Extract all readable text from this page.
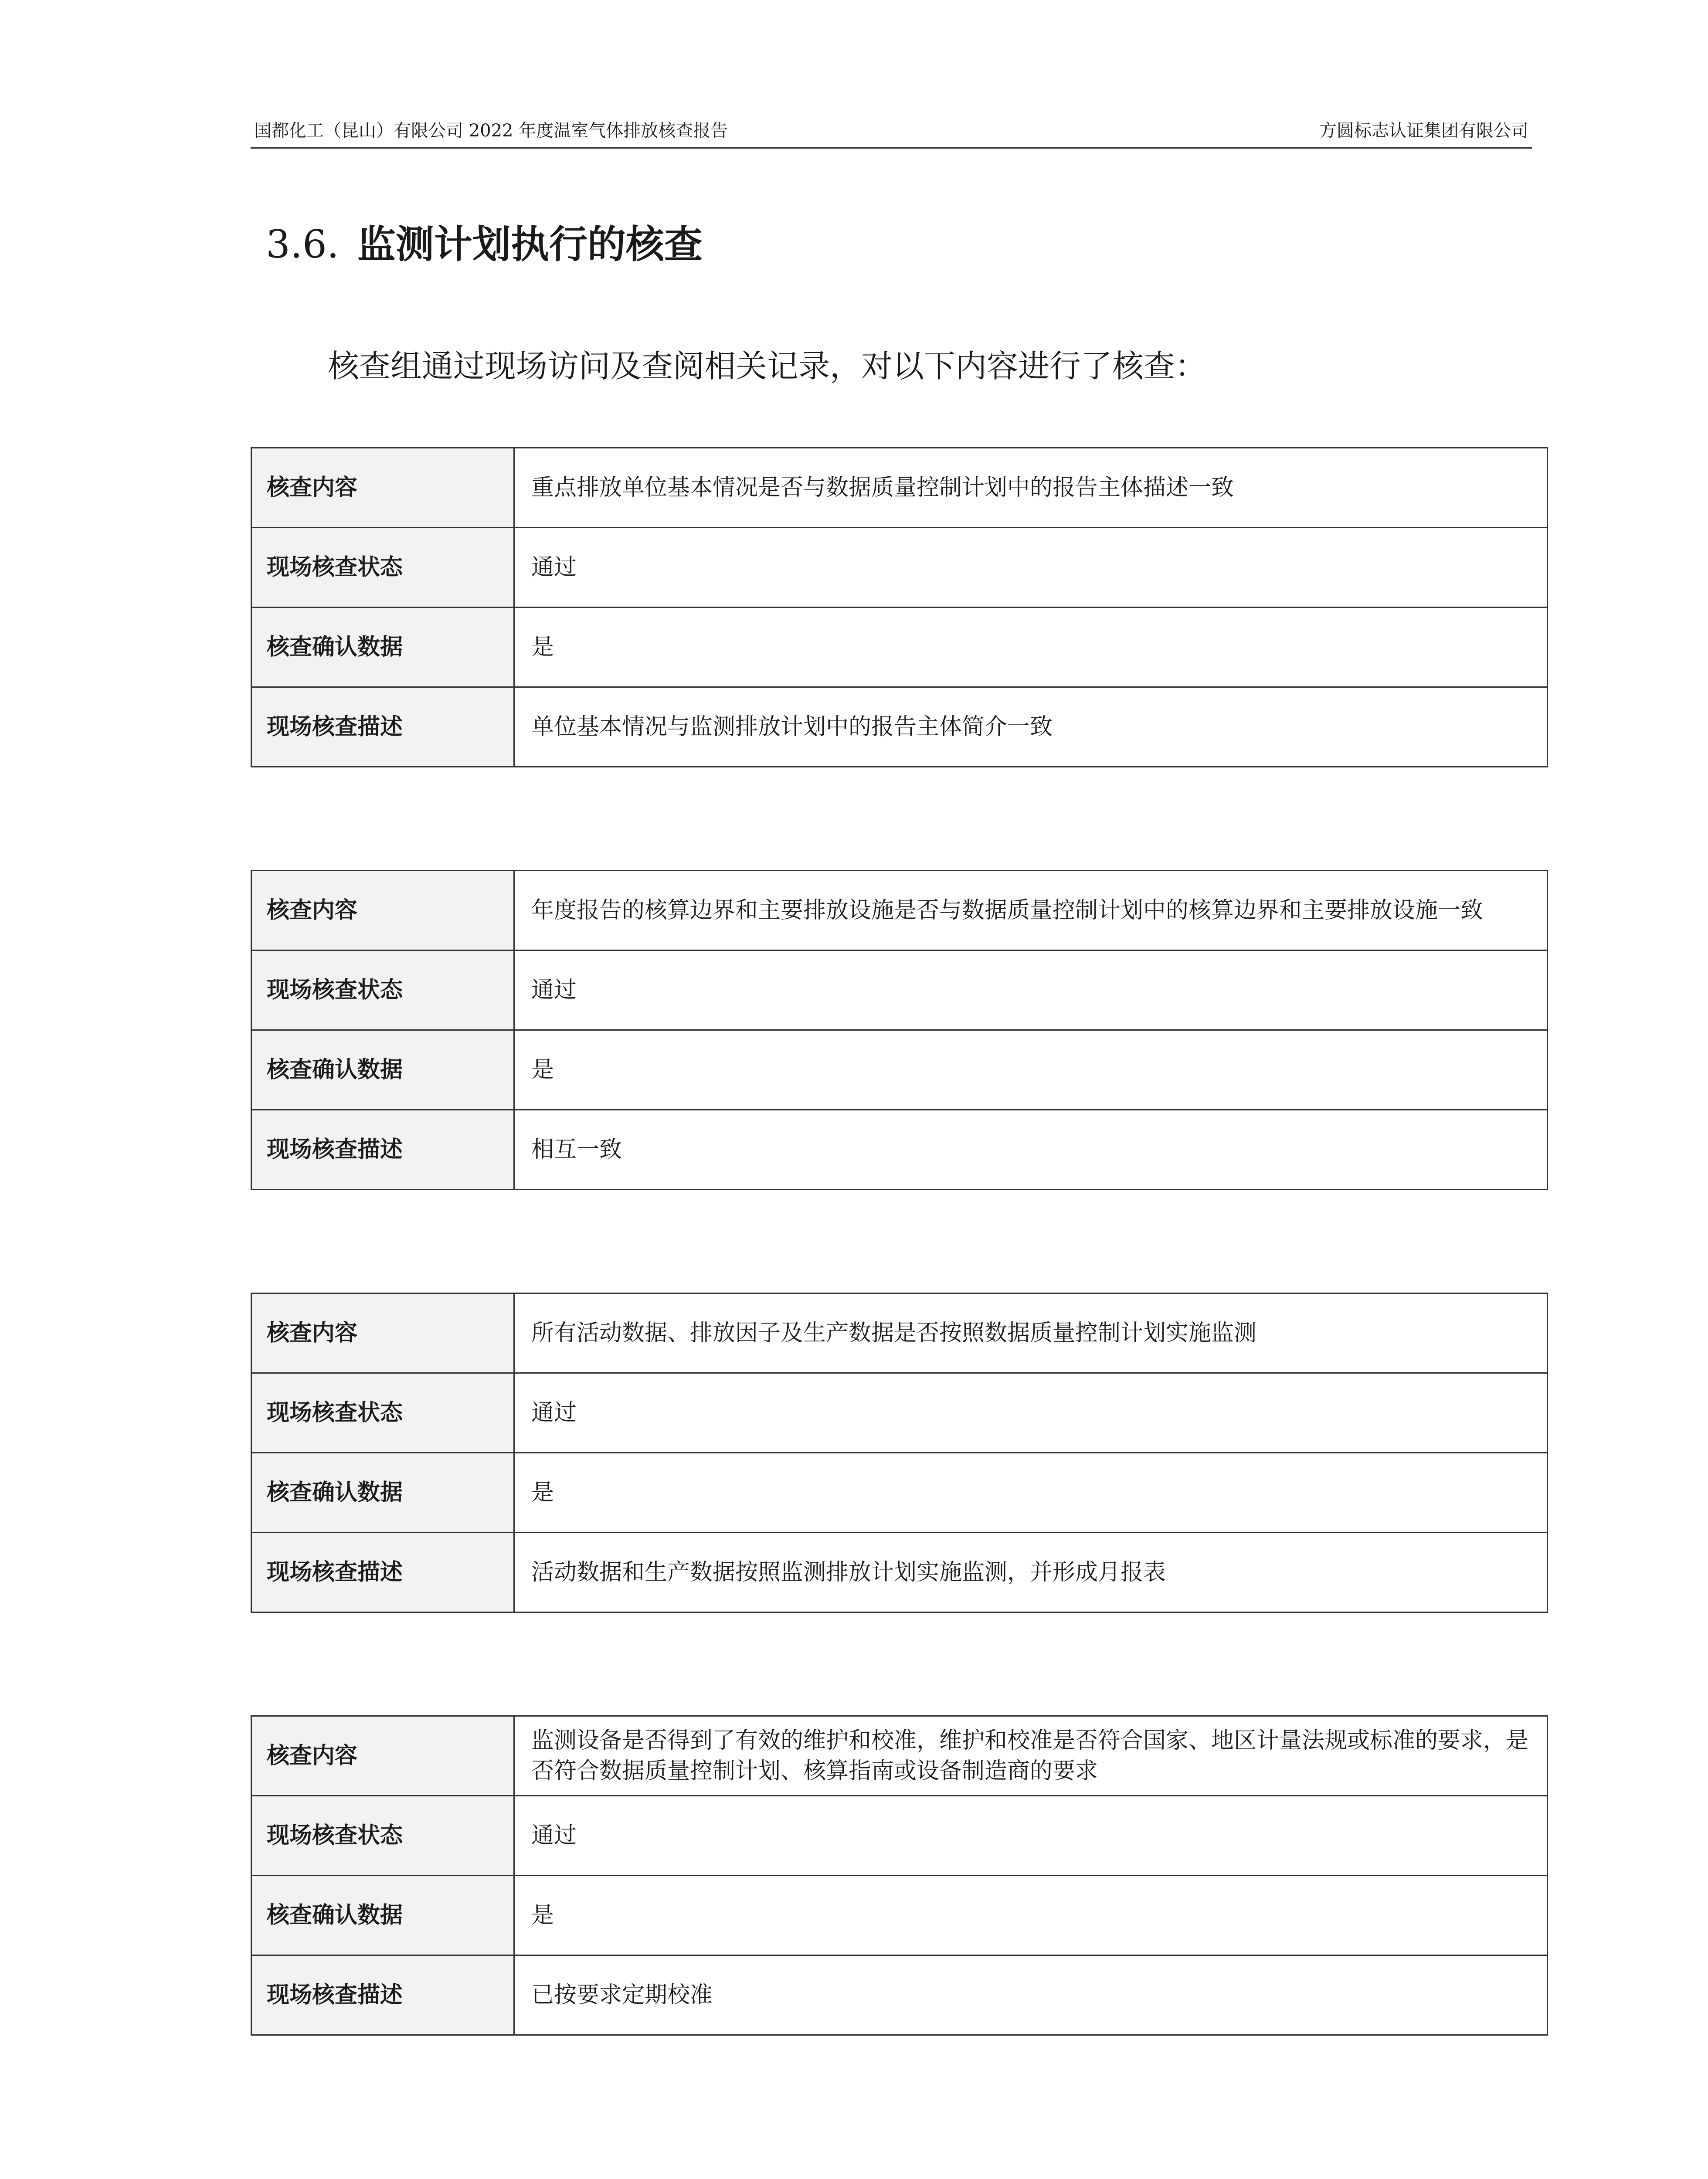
国都化工（昆山）有限公司 2022 年度温室气体排放核查报告	方圆标志认证集团有限公司
3.6. 监测计划执行的核查
核查组通过现场访问及查阅相关记录，对以下内容进行了核查：
核查内容	重点排放单位基本情况是否与数据质量控制计划中的报告主体描述一致
现场核查状态	通过
核查确认数据	是
现场核查描述	单位基本情况与监测排放计划中的报告主体简介一致
核查内容	年度报告的核算边界和主要排放设施是否与数据质量控制计划中的核算边界和主要排放设施一致
现场核查状态	通过
核查确认数据	是
现场核查描述	相互一致
核查内容	所有活动数据、排放因子及生产数据是否按照数据质量控制计划实施监测
现场核查状态	通过
核查确认数据	是
现场核查描述	活动数据和生产数据按照监测排放计划实施监测，并形成月报表
核查内容	监测设备是否得到了有效的维护和校准，维护和校准是否符合国家、地区计量法规或标准的要求，是否符合数据质量控制计划、核算指南或设备制造商的要求
现场核查状态	通过
核查确认数据	是
现场核查描述	已按要求定期校准
